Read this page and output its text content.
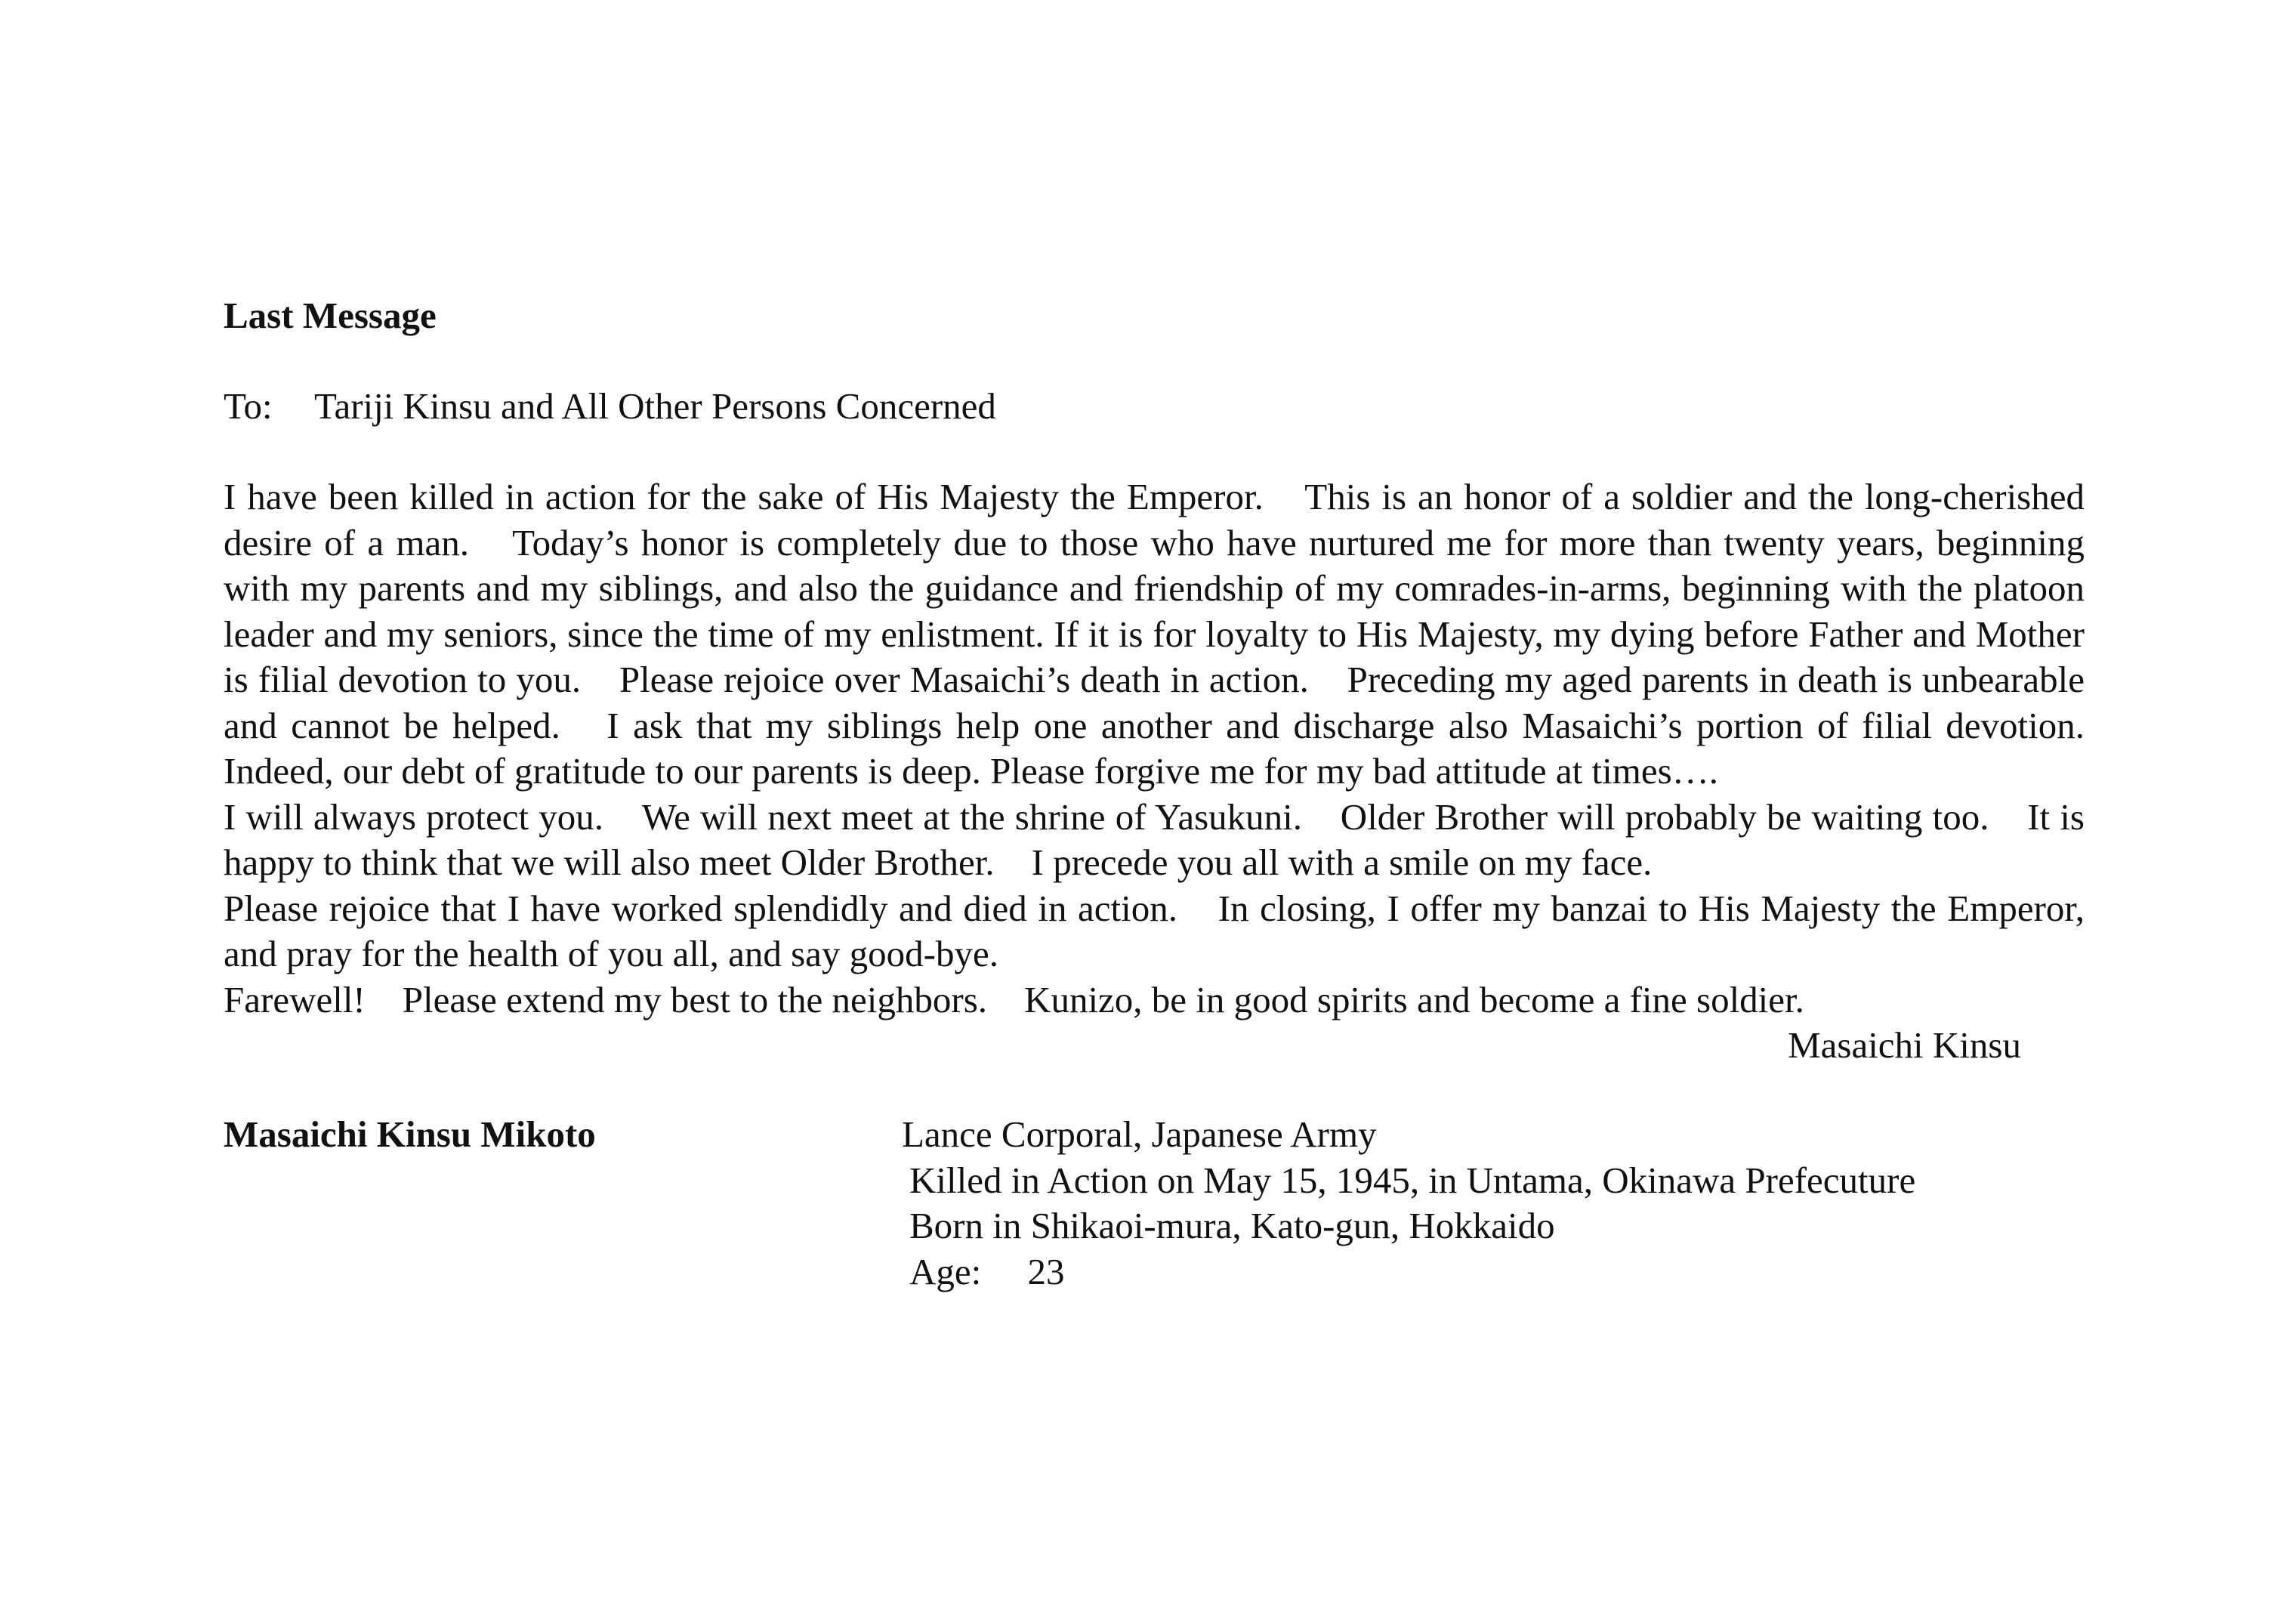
Last Message
To: Tariji Kinsu and All Other Persons Concerned

I have been killed in action for the sake of His Majesty the Emperor.　This is an honor of a soldier and the long-cherished desire of a man.　Today’s honor is completely due to those who have nurtured me for more than twenty years, beginning with my parents and my siblings, and also the guidance and friendship of my comrades-in-arms, beginning with the platoon leader and my seniors, since the time of my enlistment. If it is for loyalty to His Majesty, my dying before Father and Mother is filial devotion to you.　Please rejoice over Masaichi’s death in action.　Preceding my aged parents in death is unbearable and cannot be helped.　I ask that my siblings help one another and discharge also Masaichi’s portion of filial devotion. Indeed, our debt of gratitude to our parents is deep. Please forgive me for my bad attitude at times….

I will always protect you.　We will next meet at the shrine of Yasukuni.　Older Brother will probably be waiting too.　It is happy to think that we will also meet Older Brother.　I precede you all with a smile on my face.

Please rejoice that I have worked splendidly and died in action.　In closing, I offer my banzai to His Majesty the Emperor, and pray for the health of you all, and say good-bye.

Farewell!　Please extend my best to the neighbors.　Kunizo, be in good spirits and become a fine soldier.

Masaichi Kinsu
Masaichi Kinsu Mikoto	Lance Corporal, Japanese Army
Killed in Action on May 15, 1945, in Untama, Okinawa Prefecuture
Born in Shikaoi-mura, Kato-gun, Hokkaido
Age:　 23
